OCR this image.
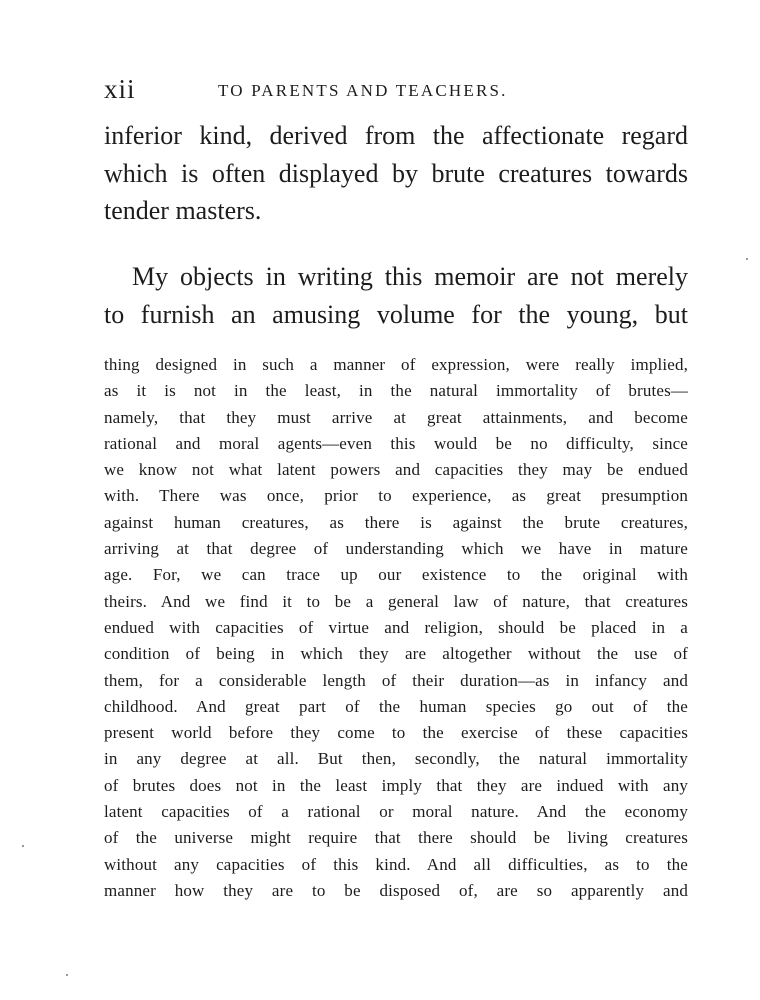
xii	TO PARENTS AND TEACHERS.
inferior kind, derived from the affectionate regard
which is often displayed by brute creatures towards
tender masters.
My objects in writing this memoir are not merely
to furnish an amusing volume for the young, but
thing designed in such a manner of expression, were really implied,
as it is not in the least, in the natural immortality of brutes—
namely, that they must arrive at great attainments, and become
rational and moral agents—even this would be no difficulty, since
we know not what latent powers and capacities they may be endued
with. There was once, prior to experience, as great presumption
against human creatures, as there is against the brute creatures,
arriving at that degree of understanding which we have in mature
age. For, we can trace up our existence to the original with
theirs. And we find it to be a general law of nature, that creatures
endued with capacities of virtue and religion, should be placed in a
condition of being in which they are altogether without the use of
them, for a considerable length of their duration—as in infancy and
childhood. And great part of the human species go out of the
present world before they come to the exercise of these capacities
in any degree at all. But then, secondly, the natural immortality
of brutes does not in the least imply that they are indued with any
latent capacities of a rational or moral nature. And the economy
of the universe might require that there should be living creatures
without any capacities of this kind. And all difficulties, as to the
manner how they are to be disposed of, are so apparently and
